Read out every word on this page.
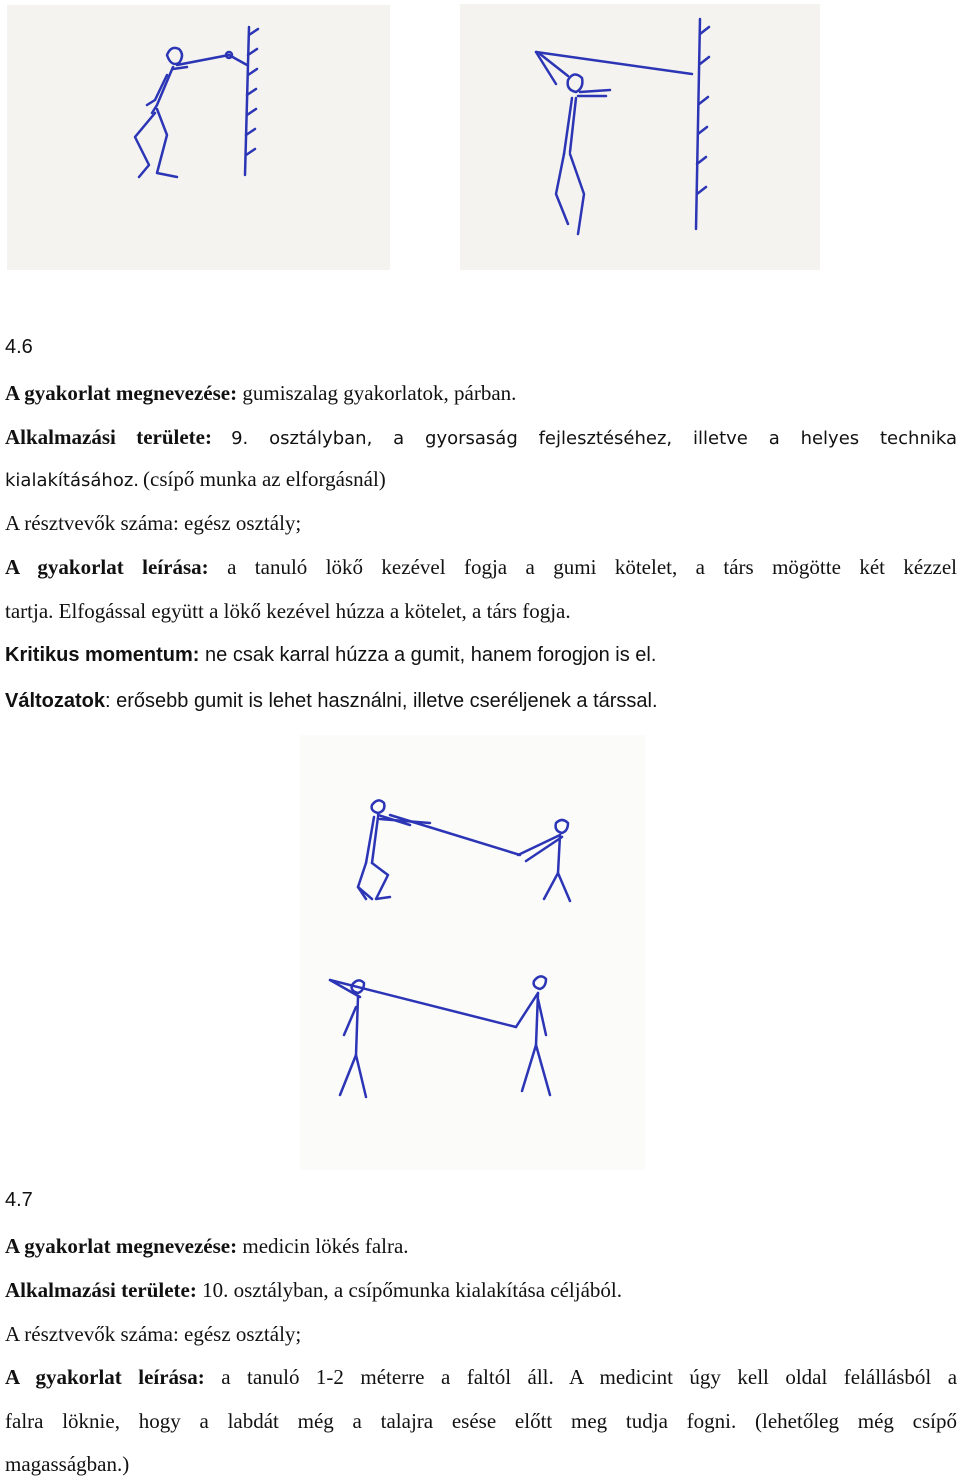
4.6
A gyakorlat megnevezése: gumiszalag gyakorlatok, párban.
Alkalmazási területe: 9. osztályban, a gyorsaság fejlesztéséhez, illetve a helyes technika
kialakításához. (csípő munka az elforgásnál)
A résztvevők száma: egész osztály;
A gyakorlat leírása: a tanuló lökő kezével fogja a gumi kötelet, a társ mögötte két kézzel
tartja. Elfogással együtt a lökő kezével húzza a kötelet, a társ fogja.
Kritikus momentum: ne csak karral húzza a gumit, hanem forogjon is el.
Változatok: erősebb gumit is lehet használni, illetve cseréljenek a társsal.
4.7
A gyakorlat megnevezése: medicin lökés falra.
Alkalmazási területe: 10. osztályban, a csípőmunka kialakítása céljából.
A résztvevők száma: egész osztály;
A gyakorlat leírása: a tanuló 1-2 méterre a faltól áll. A medicint úgy kell oldal felállásból a
falra löknie, hogy a labdát még a talajra esése előtt meg tudja fogni. (lehetőleg még csípő
magasságban.)
